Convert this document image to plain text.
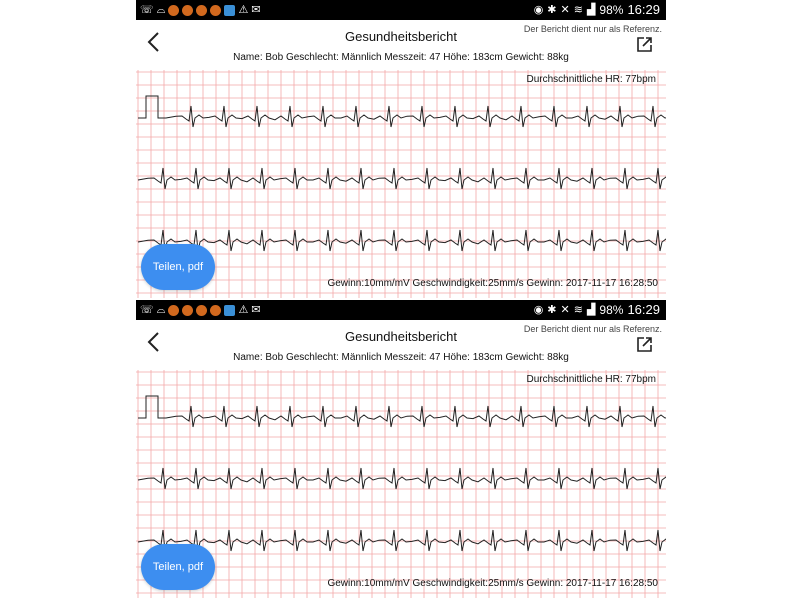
☏ ⌓	⚠ ✉	◉ ✱ ✕ ≋ ▟ 98% 16:29
Gesundheitsbericht	Der Bericht dient nur als Referenz.
Name: Bob Geschlecht: Männlich Messzeit: 47 Höhe: 183cm Gewicht: 88kg
Durchschnittliche HR: 77bpm
Gewinn:10mm/mV Geschwindigkeit:25mm/s Gewinn: 2017-11-17 16:28:50
Teilen, pdf
☏ ⌓	⚠ ✉	◉ ✱ ✕ ≋ ▟ 98% 16:29
Gesundheitsbericht	Der Bericht dient nur als Referenz.
Name: Bob Geschlecht: Männlich Messzeit: 47 Höhe: 183cm Gewicht: 88kg
Durchschnittliche HR: 77bpm
Gewinn:10mm/mV Geschwindigkeit:25mm/s Gewinn: 2017-11-17 16:28:50
Teilen, pdf
